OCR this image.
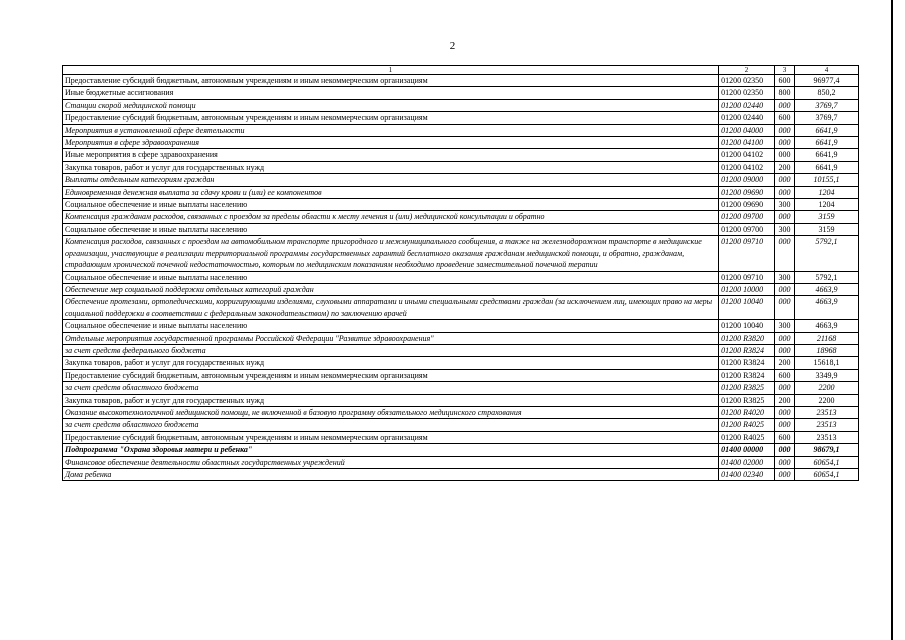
2
1	2	3	4
Предоставление субсидий бюджетным, автономным учреждениям и иным некоммерческим организациям	01200 02350	600	96977,4
Иные бюджетные ассигнования	01200 02350	800	850,2
Станции скорой медицинской помощи	01200 02440	000	3769,7
Предоставление субсидий бюджетным, автономным учреждениям и иным некоммерческим организациям	01200 02440	600	3769,7
Мероприятия в установленной сфере деятельности	01200 04000	000	6641,9
Мероприятия в сфере здравоохранения	01200 04100	000	6641,9
Иные мероприятия в сфере здравоохранения	01200 04102	000	6641,9
Закупка товаров, работ и услуг для государственных нужд	01200 04102	200	6641,9
Выплаты отдельным категориям граждан	01200 09000	000	10155,1
Единовременная денежная выплата за сдачу крови и (или) ее компонентов	01200 09690	000	1204
Социальное обеспечение и иные выплаты населению	01200 09690	300	1204
Компенсация гражданам расходов, связанных с проездом за пределы области к месту лечения и (или) медицинской консультации и обратно	01200 09700	000	3159
Социальное обеспечение и иные выплаты населению	01200 09700	300	3159
Компенсация расходов, связанных с проездом на автомобильном транспорте пригородного и межмуниципального сообщения, а также на железнодорожном транспорте в медицинские организации, участвующие в реализации территориальной программы государственных гарантий бесплатного оказания гражданам медицинской помощи, и обратно, гражданам, страдающим хронической почечной недостаточностью, которым по медицинским показаниям необходимо проведение заместительной почечной терапии	01200 09710	000	5792,1
Социальное обеспечение и иные выплаты населению	01200 09710	300	5792,1
Обеспечение мер социальной поддержки отдельных категорий граждан	01200 10000	000	4663,9
Обеспечение протезами, ортопедическими, корригирующими изделиями, слуховыми аппаратами и иными специальными средствами граждан (за исключением лиц, имеющих право на меры социальной поддержки в соответствии с федеральным законодательством) по заключению врачей	01200 10040	000	4663,9
Социальное обеспечение и иные выплаты населению	01200 10040	300	4663,9
Отдельные мероприятия государственной программы Российской Федерации "Развитие здравоохранения"	01200 R3820	000	21168
за счет средств федерального бюджета	01200 R3824	000	18968
Закупка товаров, работ и услуг для государственных нужд	01200 R3824	200	15618,1
Предоставление субсидий бюджетным, автономным учреждениям и иным некоммерческим организациям	01200 R3824	600	3349,9
за счет средств областного бюджета	01200 R3825	000	2200
Закупка товаров, работ и услуг для государственных нужд	01200 R3825	200	2200
Оказание высокотехнологичной медицинской помощи, не включенной в базовую программу обязательного медицинского страхования	01200 R4020	000	23513
за счет средств областного бюджета	01200 R4025	000	23513
Предоставление субсидий бюджетным, автономным учреждениям и иным некоммерческим организациям	01200 R4025	600	23513
Подпрограмма "Охрана здоровья матери и ребенка"	01400 00000	000	98679,1
Финансовое обеспечение деятельности областных государственных учреждений	01400 02000	000	60654,1
Дома ребенка	01400 02340	000	60654,1
